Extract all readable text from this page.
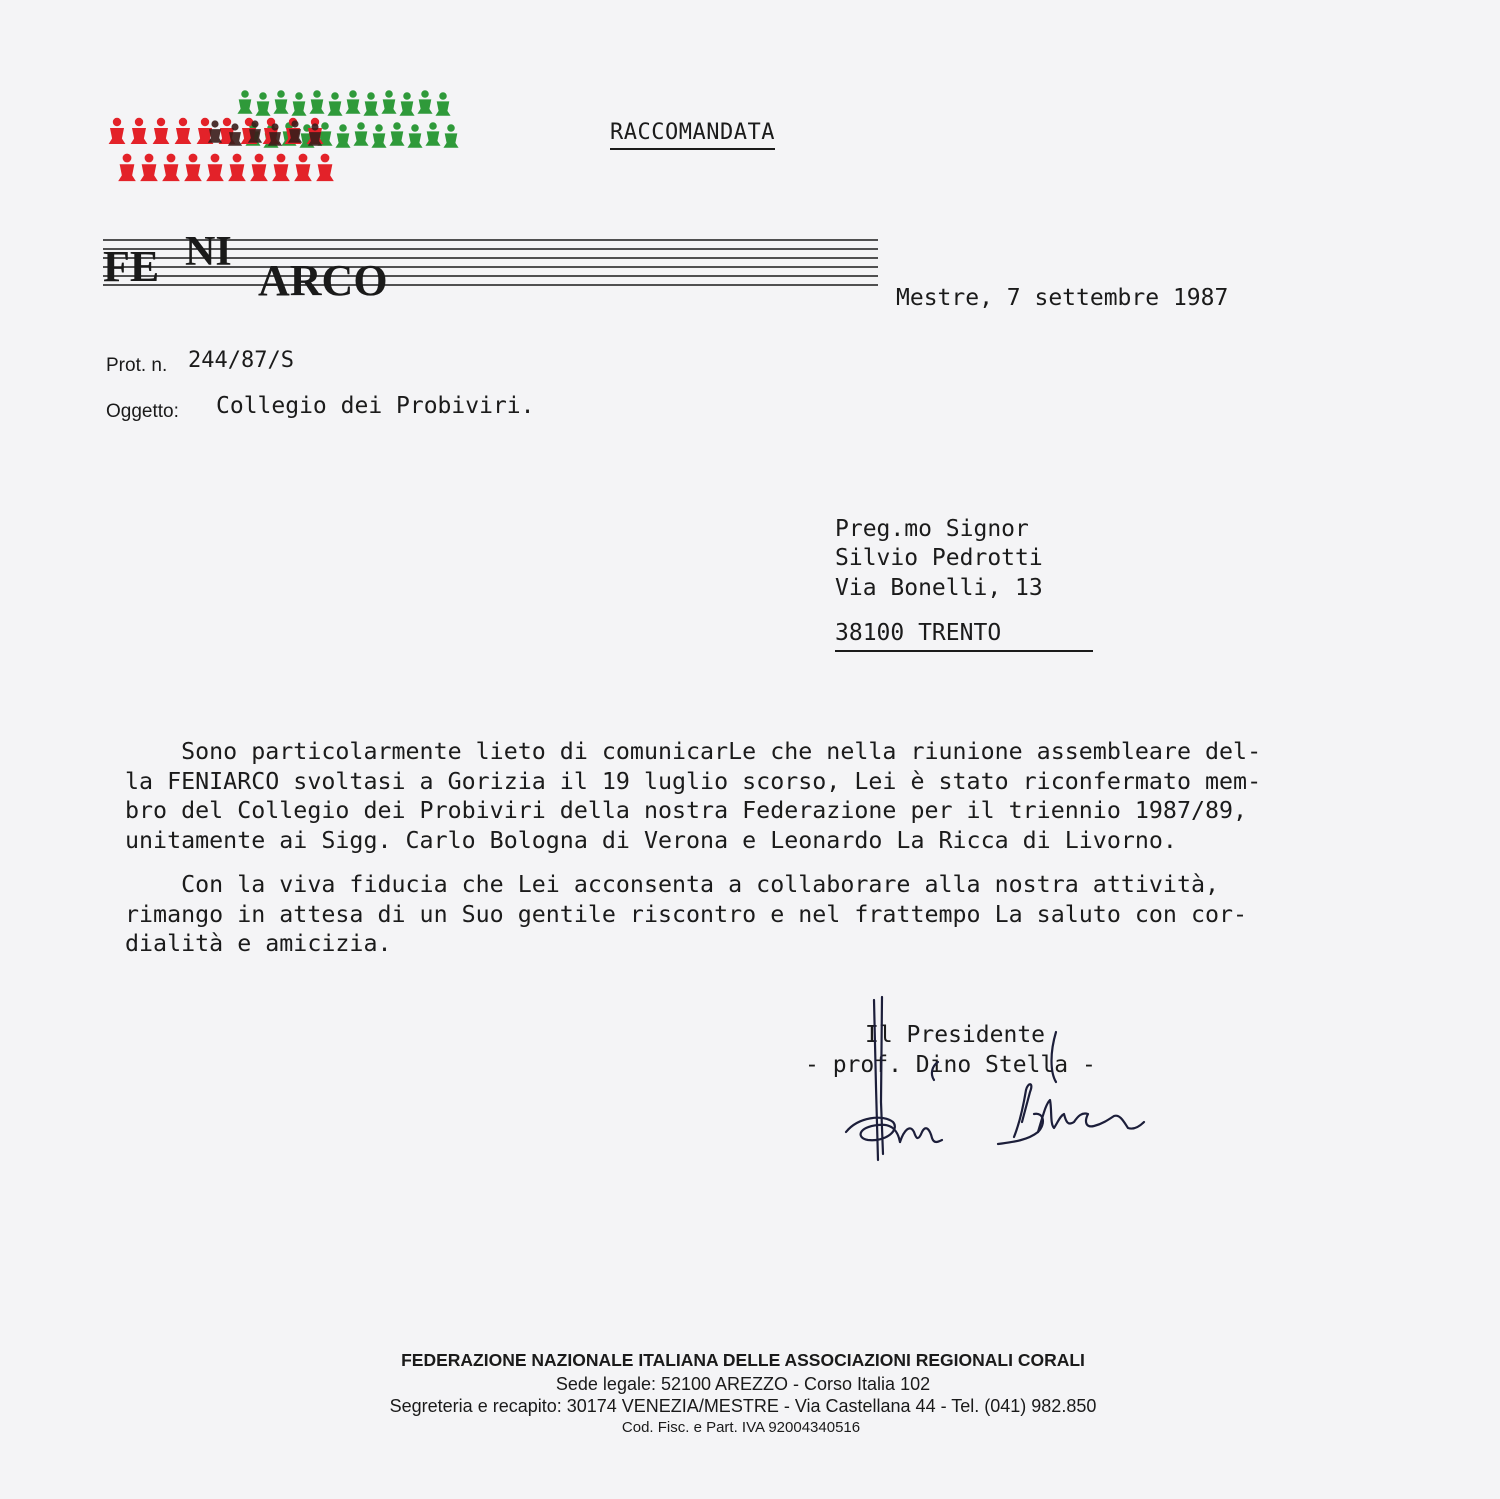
FE NI
ARCO
RACCOMANDATA
Mestre, 7 settembre 1987
Prot. n. 244/87/S
Oggetto: Collegio dei Probiviri.
Preg.mo Signor
Silvio Pedrotti
Via Bonelli, 13
38100 TRENTO
Sono particolarmente lieto di comunicarLe che nella riunione assembleare del-
la FENIARCO svoltasi a Gorizia il 19 luglio scorso, Lei è stato riconfermato mem-
bro del Collegio dei Probiviri della nostra Federazione per il triennio 1987/89,
unitamente ai Sigg. Carlo Bologna di Verona e Leonardo La Ricca di Livorno.
Con la viva fiducia che Lei acconsenta a collaborare alla nostra attività,
rimango in attesa di un Suo gentile riscontro e nel frattempo La saluto con cor-
dialità e amicizia.
Il Presidente
- prof. Dino Stella -
FEDERAZIONE NAZIONALE ITALIANA DELLE ASSOCIAZIONI REGIONALI CORALI
Sede legale: 52100 AREZZO - Corso Italia 102
Segreteria e recapito: 30174 VENEZIA/MESTRE - Via Castellana 44 - Tel. (041) 982.850
Cod. Fisc. e Part. IVA 92004340516
